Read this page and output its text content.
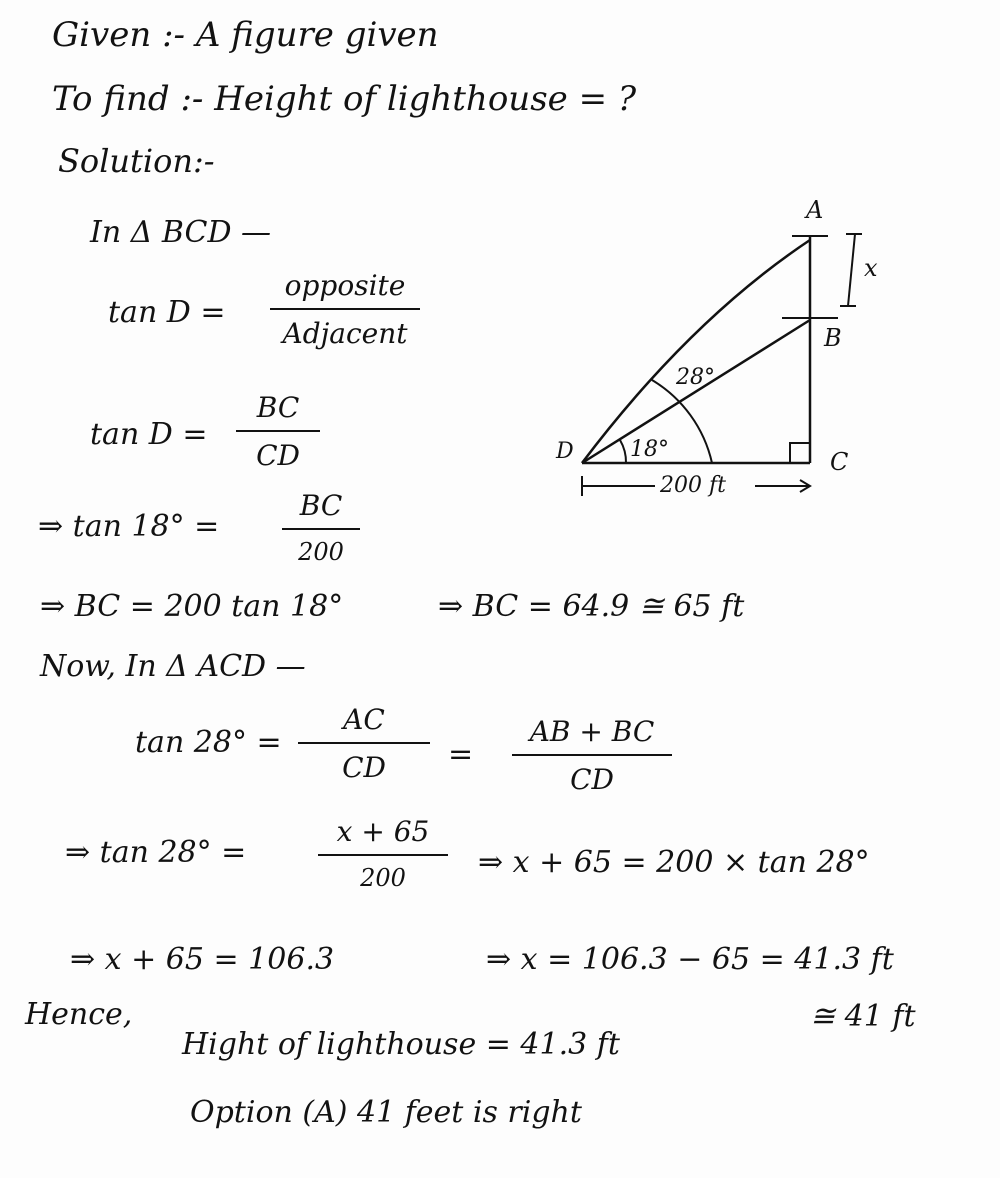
Given :- A figure given
To find :- Height of lighthouse = ?
Solution:-
In Δ BCD —
tan D =
opposite
Adjacent
tan D =
BC
CD
⇒ tan 18° =
BC
200
⇒ BC = 200 tan 18°	⇒ BC = 64.9 ≅ 65 ft
Now, In Δ ACD —
tan 28° =
AC
CD	=
AB + BC
CD
⇒ tan 28° =
x + 65
200	⇒ x + 65 = 200 × tan 28°
⇒ x + 65 = 106.3	⇒ x = 106.3 − 65 = 41.3 ft
≅ 41 ft
Hence,
Hight of lighthouse = 41.3 ft
Option (A) 41 feet is right
A
B
C
D
x
28°
18°
200 ft
